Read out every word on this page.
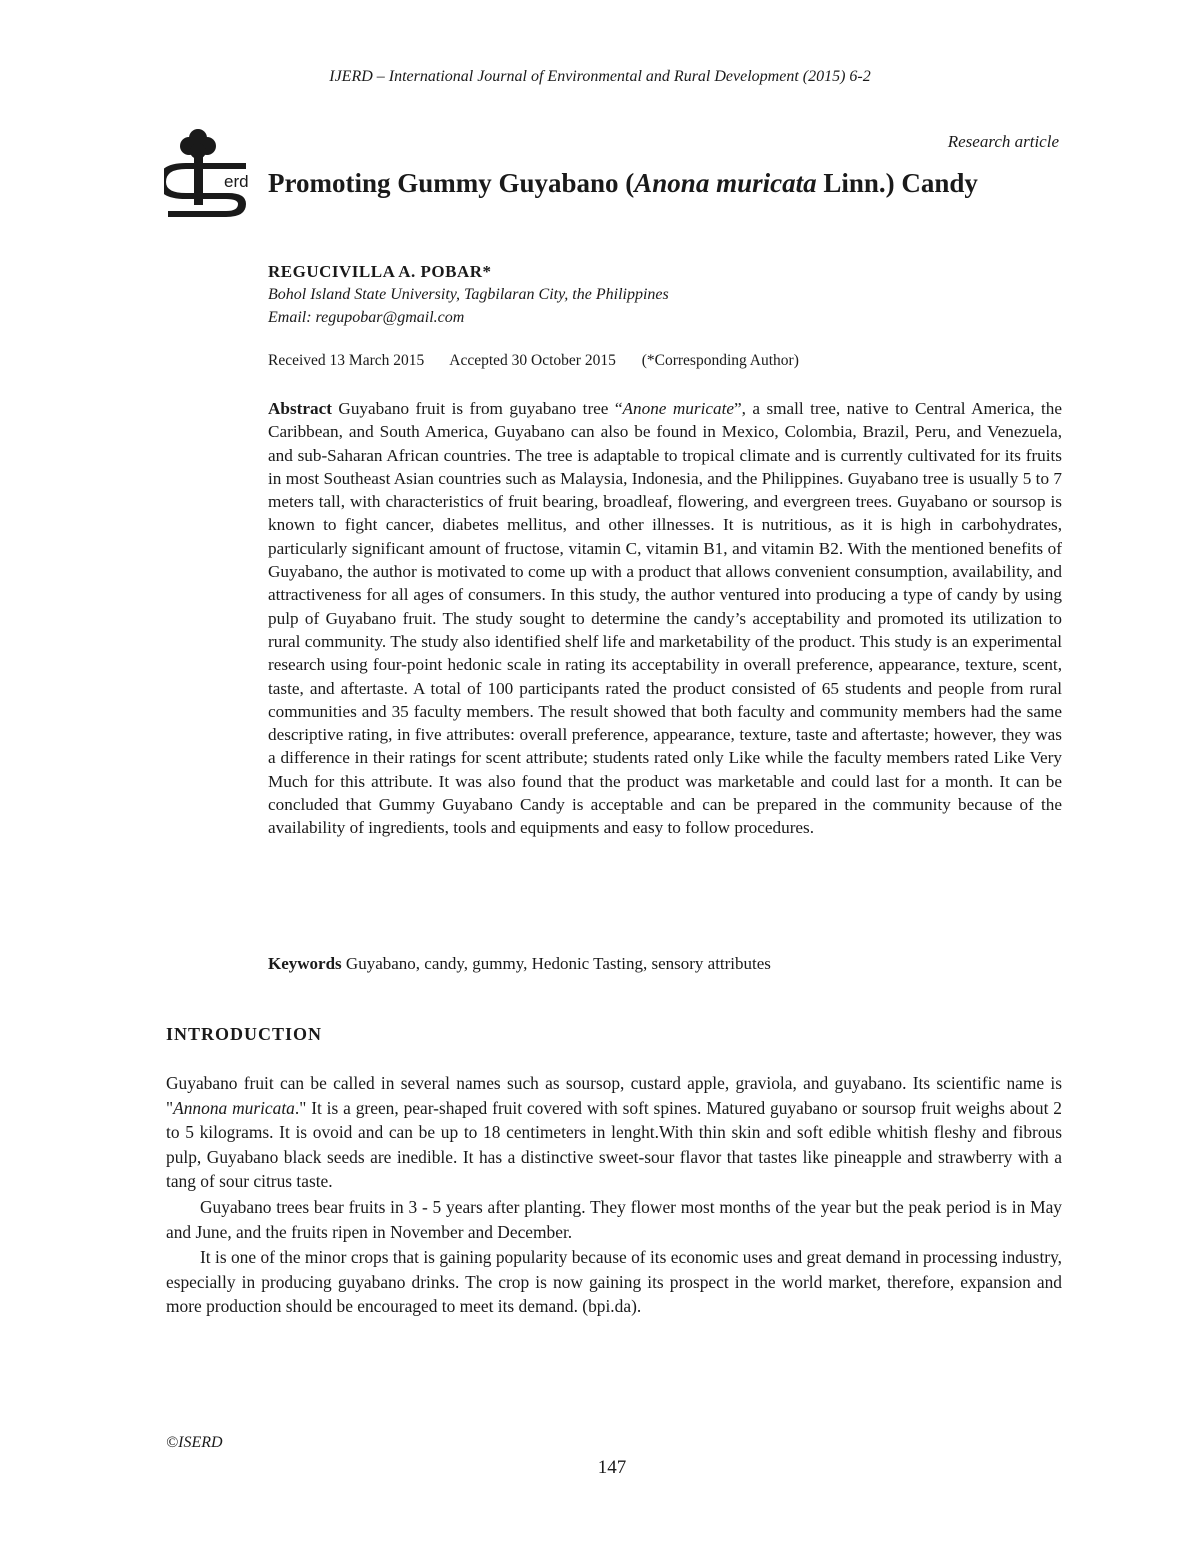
IJERD – International Journal of Environmental and Rural Development (2015) 6-2
erd
Research article
Promoting Gummy Guyabano (Anona muricata Linn.) Candy
REGUCIVILLA A. POBAR*
Bohol Island State University, Tagbilaran City, the Philippines
Email: regupobar@gmail.com
Received 13 March 2015 Accepted 30 October 2015 (*Corresponding Author)

Abstract Guyabano fruit is from guyabano tree “Anone muricate”, a small tree, native to Central America, the Caribbean, and South America, Guyabano can also be found in Mexico, Colombia, Brazil, Peru, and Venezuela, and sub-Saharan African countries. The tree is adaptable to tropical climate and is currently cultivated for its fruits in most Southeast Asian countries such as Malaysia, Indonesia, and the Philippines. Guyabano tree is usually 5 to 7 meters tall, with characteristics of fruit bearing, broadleaf, flowering, and evergreen trees. Guyabano or soursop is known to fight cancer, diabetes mellitus, and other illnesses. It is nutritious, as it is high in carbohydrates, particularly significant amount of fructose, vitamin C, vitamin B1, and vitamin B2. With the mentioned benefits of Guyabano, the author is motivated to come up with a product that allows convenient consumption, availability, and attractiveness for all ages of consumers. In this study, the author ventured into producing a type of candy by using pulp of Guyabano fruit. The study sought to determine the candy’s acceptability and promoted its utilization to rural community. The study also identified shelf life and marketability of the product. This study is an experimental research using four-point hedonic scale in rating its acceptability in overall preference, appearance, texture, scent, taste, and aftertaste. A total of 100 participants rated the product consisted of 65 students and people from rural communities and 35 faculty members. The result showed that both faculty and community members had the same descriptive rating, in five attributes: overall preference, appearance, texture, taste and aftertaste; however, they was a difference in their ratings for scent attribute; students rated only Like while the faculty members rated Like Very Much for this attribute. It was also found that the product was marketable and could last for a month. It can be concluded that Gummy Guyabano Candy is acceptable and can be prepared in the community because of the availability of ingredients, tools and equipments and easy to follow procedures.

Keywords Guyabano, candy, gummy, Hedonic Tasting, sensory attributes

INTRODUCTION

Guyabano fruit can be called in several names such as soursop, custard apple, graviola, and guyabano. Its scientific name is "Annona muricata." It is a green, pear-shaped fruit covered with soft spines. Matured guyabano or soursop fruit weighs about 2 to 5 kilograms. It is ovoid and can be up to 18 centimeters in lenght.With thin skin and soft edible whitish fleshy and fibrous pulp, Guyabano black seeds are inedible. It has a distinctive sweet-sour flavor that tastes like pineapple and strawberry with a tang of sour citrus taste.

Guyabano trees bear fruits in 3 - 5 years after planting. They flower most months of the year but the peak period is in May and June, and the fruits ripen in November and December.

It is one of the minor crops that is gaining popularity because of its economic uses and great demand in processing industry, especially in producing guyabano drinks. The crop is now gaining its prospect in the world market, therefore, expansion and more production should be encouraged to meet its demand. (bpi.da).

©ISERD
147
